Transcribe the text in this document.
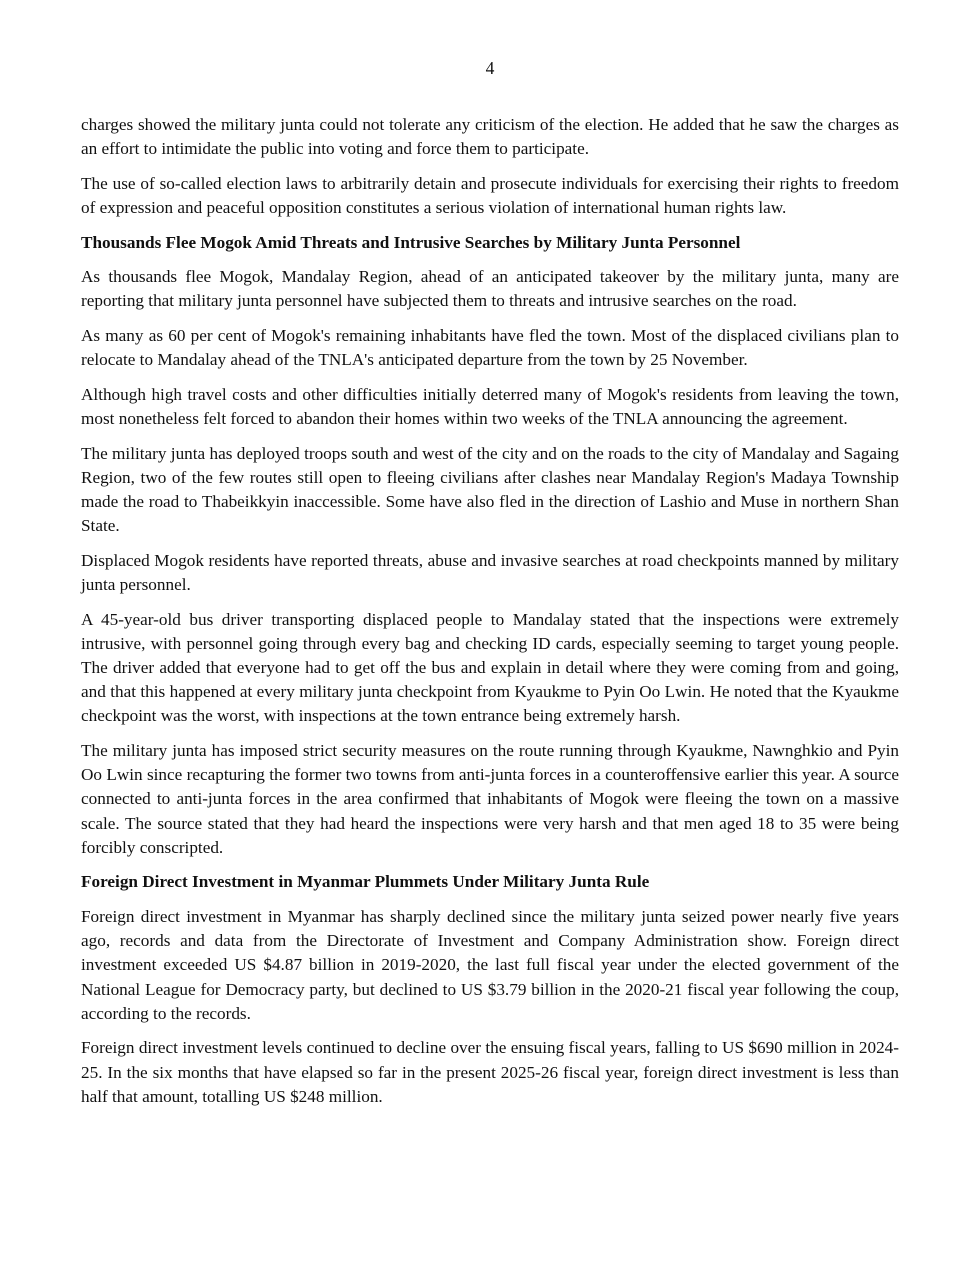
4

charges showed the military junta could not tolerate any criticism of the election. He added that he saw the charges as an effort to intimidate the public into voting and force them to participate.

The use of so-called election laws to arbitrarily detain and prosecute individuals for exercising their rights to freedom of expression and peaceful opposition constitutes a serious violation of international human rights law.

Thousands Flee Mogok Amid Threats and Intrusive Searches by Military Junta Personnel

As thousands flee Mogok, Mandalay Region, ahead of an anticipated takeover by the military junta, many are reporting that military junta personnel have subjected them to threats and intrusive searches on the road.

As many as 60 per cent of Mogok's remaining inhabitants have fled the town. Most of the displaced civilians plan to relocate to Mandalay ahead of the TNLA's anticipated departure from the town by 25 November.

Although high travel costs and other difficulties initially deterred many of Mogok's residents from leaving the town, most nonetheless felt forced to abandon their homes within two weeks of the TNLA announcing the agreement.

The military junta has deployed troops south and west of the city and on the roads to the city of Mandalay and Sagaing Region, two of the few routes still open to fleeing civilians after clashes near Mandalay Region's Madaya Township made the road to Thabeikkyin inaccessible. Some have also fled in the direction of Lashio and Muse in northern Shan State.

Displaced Mogok residents have reported threats, abuse and invasive searches at road checkpoints manned by military junta personnel.

A 45-year-old bus driver transporting displaced people to Mandalay stated that the inspections were extremely intrusive, with personnel going through every bag and checking ID cards, especially seeming to target young people. The driver added that everyone had to get off the bus and explain in detail where they were coming from and going, and that this happened at every military junta checkpoint from Kyaukme to Pyin Oo Lwin. He noted that the Kyaukme checkpoint was the worst, with inspections at the town entrance being extremely harsh.

The military junta has imposed strict security measures on the route running through Kyaukme, Nawnghkio and Pyin Oo Lwin since recapturing the former two towns from anti-junta forces in a counteroffensive earlier this year. A source connected to anti-junta forces in the area confirmed that inhabitants of Mogok were fleeing the town on a massive scale. The source stated that they had heard the inspections were very harsh and that men aged 18 to 35 were being forcibly conscripted.

Foreign Direct Investment in Myanmar Plummets Under Military Junta Rule

Foreign direct investment in Myanmar has sharply declined since the military junta seized power nearly five years ago, records and data from the Directorate of Investment and Company Administration show. Foreign direct investment exceeded US $4.87 billion in 2019-2020, the last full fiscal year under the elected government of the National League for Democracy party, but declined to US $3.79 billion in the 2020-21 fiscal year following the coup, according to the records.

Foreign direct investment levels continued to decline over the ensuing fiscal years, falling to US $690 million in 2024-25. In the six months that have elapsed so far in the present 2025-26 fiscal year, foreign direct investment is less than half that amount, totalling US $248 million.
